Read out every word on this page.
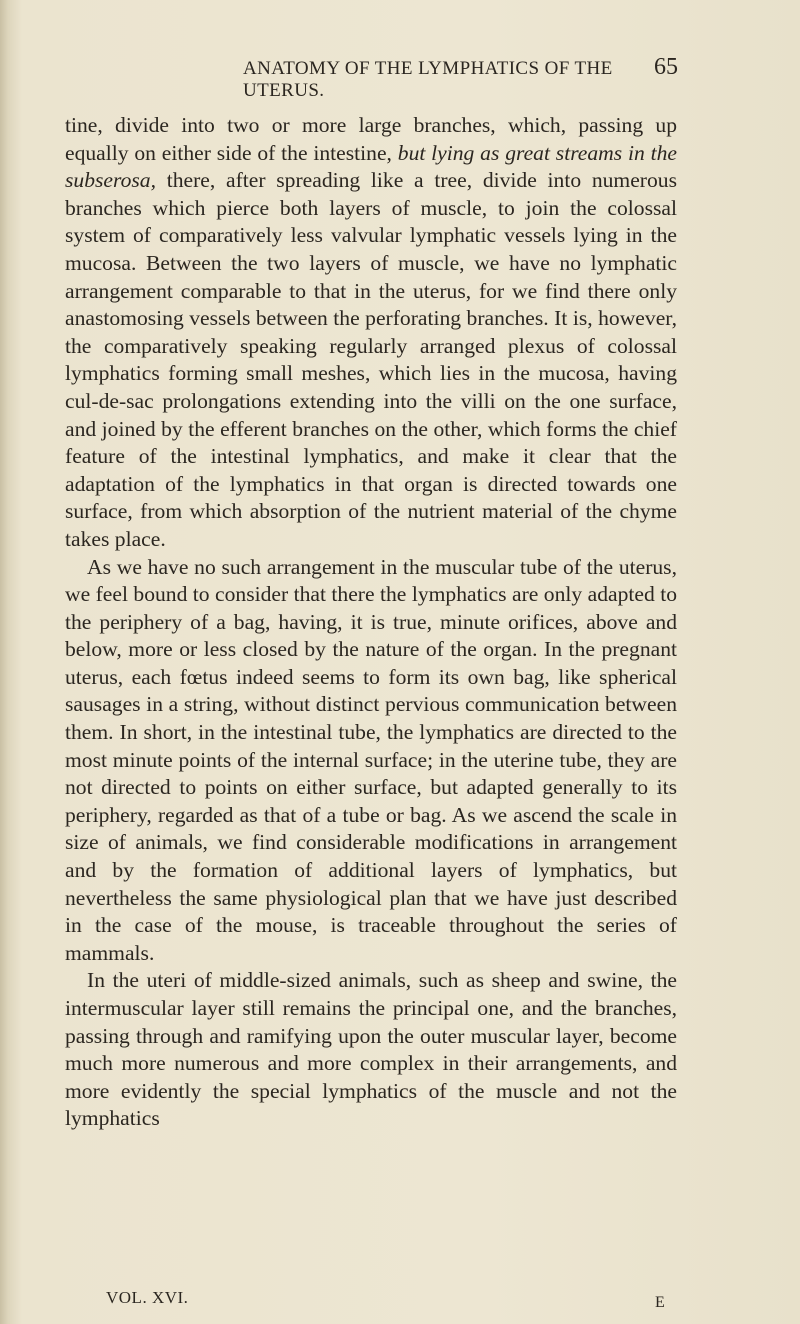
ANATOMY OF THE LYMPHATICS OF THE UTERUS.
65

tine, divide into two or more large branches, which, passing up equally on either side of the intestine, but lying as great streams in the subserosa, there, after spreading like a tree, divide into numerous branches which pierce both layers of muscle, to join the colossal system of comparatively less valvular lymphatic vessels lying in the mucosa. Between the two layers of muscle, we have no lymphatic arrangement comparable to that in the uterus, for we find there only anastomosing vessels between the perforating branches. It is, however, the comparatively speaking regularly arranged plexus of colossal lymphatics forming small meshes, which lies in the mucosa, having cul-de-sac prolongations extending into the villi on the one surface, and joined by the efferent branches on the other, which forms the chief feature of the intestinal lymphatics, and make it clear that the adaptation of the lymphatics in that organ is directed towards one surface, from which absorption of the nutrient material of the chyme takes place.

As we have no such arrangement in the muscular tube of the uterus, we feel bound to consider that there the lymphatics are only adapted to the periphery of a bag, having, it is true, minute orifices, above and below, more or less closed by the nature of the organ. In the pregnant uterus, each fœtus indeed seems to form its own bag, like spherical sausages in a string, without distinct pervious communication between them. In short, in the intestinal tube, the lymphatics are directed to the most minute points of the internal surface; in the uterine tube, they are not directed to points on either surface, but adapted generally to its periphery, regarded as that of a tube or bag. As we ascend the scale in size of animals, we find considerable modifications in arrangement and by the formation of additional layers of lymphatics, but nevertheless the same physiological plan that we have just described in the case of the mouse, is traceable throughout the series of mammals.

In the uteri of middle-sized animals, such as sheep and swine, the intermuscular layer still remains the principal one, and the branches, passing through and ramifying upon the outer muscular layer, become much more numerous and more complex in their arrangements, and more evidently the special lymphatics of the muscle and not the lymphatics

VOL. XVI.	E
